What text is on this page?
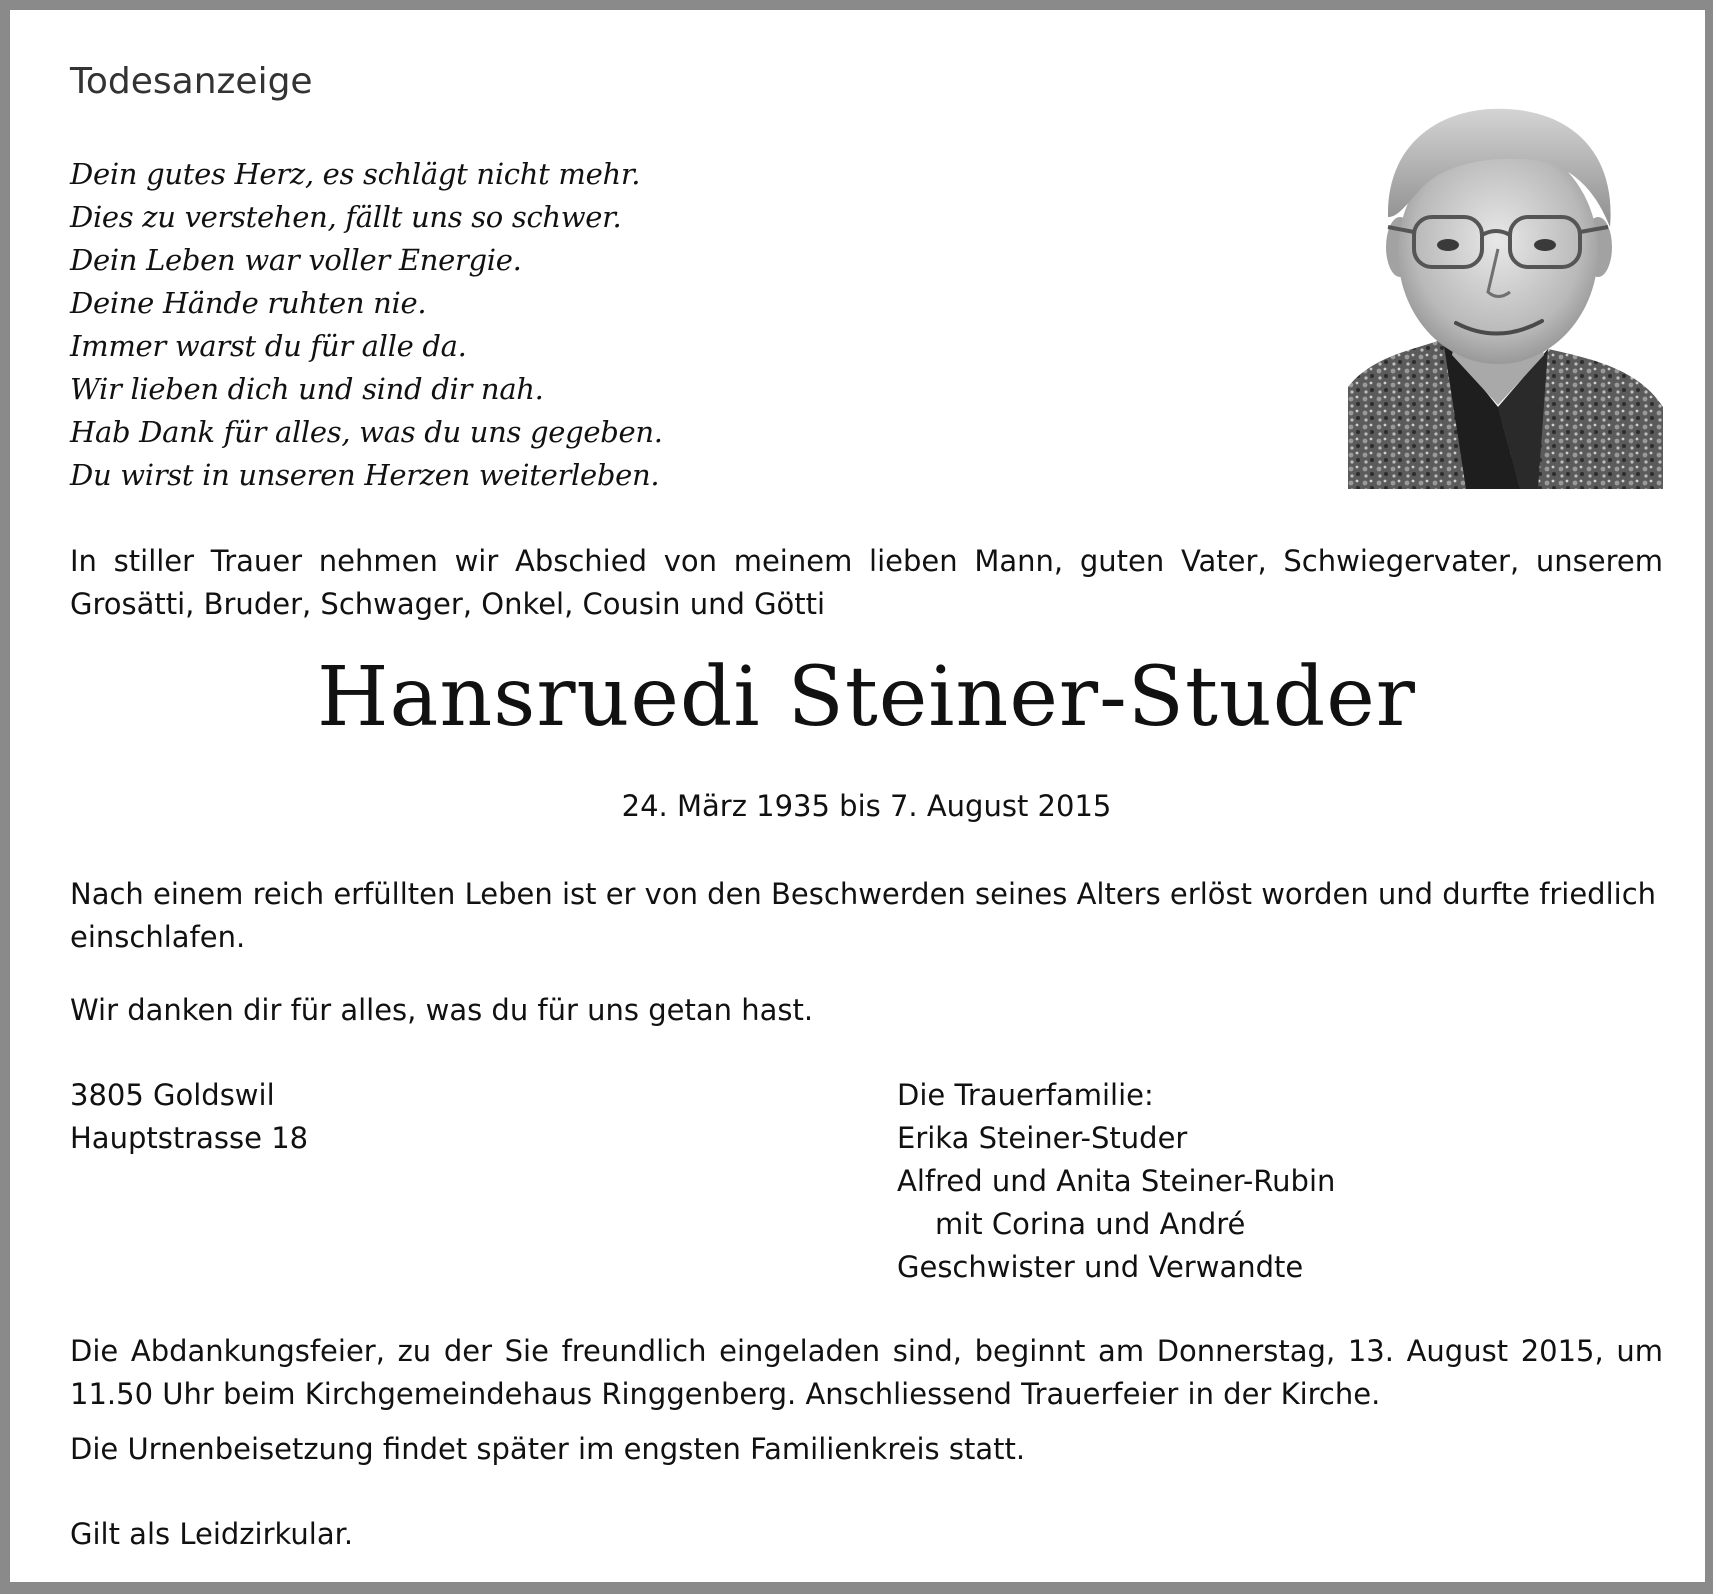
Todesanzeige
Dein gutes Herz, es schlägt nicht mehr.
Dies zu verstehen, fällt uns so schwer.
Dein Leben war voller Energie.
Deine Hände ruhten nie.
Immer warst du für alle da.
Wir lieben dich und sind dir nah.
Hab Dank für alles, was du uns gegeben.
Du wirst in unseren Herzen weiterleben.
In stiller Trauer nehmen wir Abschied von meinem lieben Mann, guten Vater, Schwiegervater, unserem Grosätti, Bruder, Schwager, Onkel, Cousin und Götti
Hansruedi Steiner-Studer
24. März 1935 bis 7. August 2015
Nach einem reich erfüllten Leben ist er von den Beschwerden seines Alters erlöst worden und durfte friedlich einschlafen.
Wir danken dir für alles, was du für uns getan hast.
3805 Goldswil
Hauptstrasse 18
Die Trauerfamilie:
Erika Steiner-Studer
Alfred und Anita Steiner-Rubin
mit Corina und André
Geschwister und Verwandte
Die Abdankungsfeier, zu der Sie freundlich eingeladen sind, beginnt am Donnerstag, 13. August 2015, um 11.50 Uhr beim Kirchgemeindehaus Ringgenberg. Anschliessend Trauerfeier in der Kirche.
Die Urnenbeisetzung findet später im engsten Familienkreis statt.
Gilt als Leidzirkular.
